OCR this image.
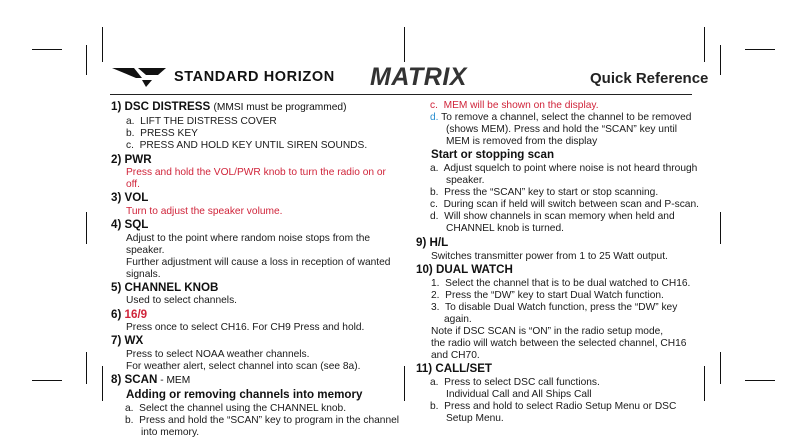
STANDARD HORIZON MATRIX	Quick Reference
1) DSC DISTRESS (MMSI must be programmed)
a.  LIFT THE DISTRESS COVER
b.  PRESS KEY
c.  PRESS AND HOLD KEY UNTIL SIREN SOUNDS.
2) PWR
Press and hold the VOL/PWR knob to turn the radio on or off.
3) VOL
Turn to adjust the speaker volume.
4) SQL
Adjust to the point where random noise stops from the speaker.
Further adjustment will cause a loss in reception of wanted signals.
5) CHANNEL KNOB
Used to select channels.
6) 16/9
Press once to select CH16. For CH9 Press and hold.
7) WX
Press to select NOAA weather channels.
For weather alert, select channel into scan (see 8a).
8) SCAN - MEM
Adding or removing channels into memory
a.  Select the channel using the CHANNEL knob.
b.  Press and hold the “SCAN” key to program in the channel into memory.
c.  MEM will be shown on the display.
d. To remove a channel, select the channel to be removed (shows MEM). Press and hold the “SCAN” key until MEM is removed from the display
Start or stopping scan
a.  Adjust squelch to point where noise is not heard through speaker.
b.  Press the “SCAN” key to start or stop scanning.
c.  During scan if held will switch between scan and P-scan.
d.  Will show channels in scan memory when held and CHANNEL knob is turned.
9) H/L
Switches transmitter power from 1 to 25 Watt output.
10) DUAL WATCH
1.  Select the channel that is to be dual watched to CH16.
2.  Press the “DW” key to start Dual Watch function.
3.  To disable Dual Watch function, press the “DW” key again.
Note if DSC SCAN is “ON” in the radio setup mode,
the radio will watch between the selected channel, CH16 and CH70.
11) CALL/SET
a.  Press to select DSC call functions.
Individual Call and All Ships Call
b.  Press and hold to select Radio Setup Menu or DSC Setup Menu.
